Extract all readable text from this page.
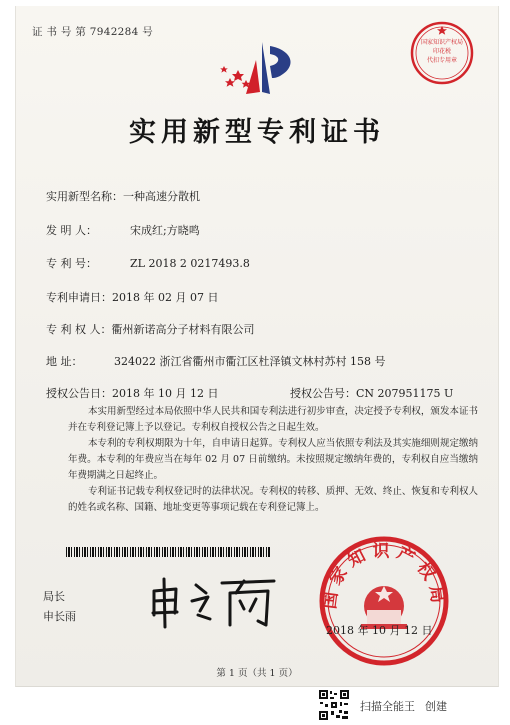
证 书 号 第 7942284 号
国家知识产权局
印花税
代扣专用章
实用新型专利证书
实用新型名称：一种高速分散机
发 明 人：	宋成红;方晓鸣
专 利 号：	ZL 2018 2 0217493.8
专利申请日：2018 年 02 月 07 日
专 利 权 人：衢州新诺高分子材料有限公司
地 址：	324022 浙江省衢州市衢江区杜泽镇文林村苏村 158 号
授权公告日：2018 年 10 月 12 日	授权公告号：CN 207951175 U

本实用新型经过本局依照中华人民共和国专利法进行初步审查，决定授予专利权，颁发本证书并在专利登记簿上予以登记。专利权自授权公告之日起生效。

本专利的专利权期限为十年，自申请日起算。专利权人应当依照专利法及其实施细则规定缴纳年费。本专利的年费应当在每年 02 月 07 日前缴纳。未按照规定缴纳年费的，专利权自应当缴纳年费期满之日起终止。

专利证书记载专利权登记时的法律状况。专利权的转移、质押、无效、终止、恢复和专利权人的姓名或名称、国籍、地址变更等事项记载在专利登记簿上。

局长
申长雨
国家知识产权局
2018 年 10 月 12 日
第 1 页（共 1 页）
扫描全能王 创建
